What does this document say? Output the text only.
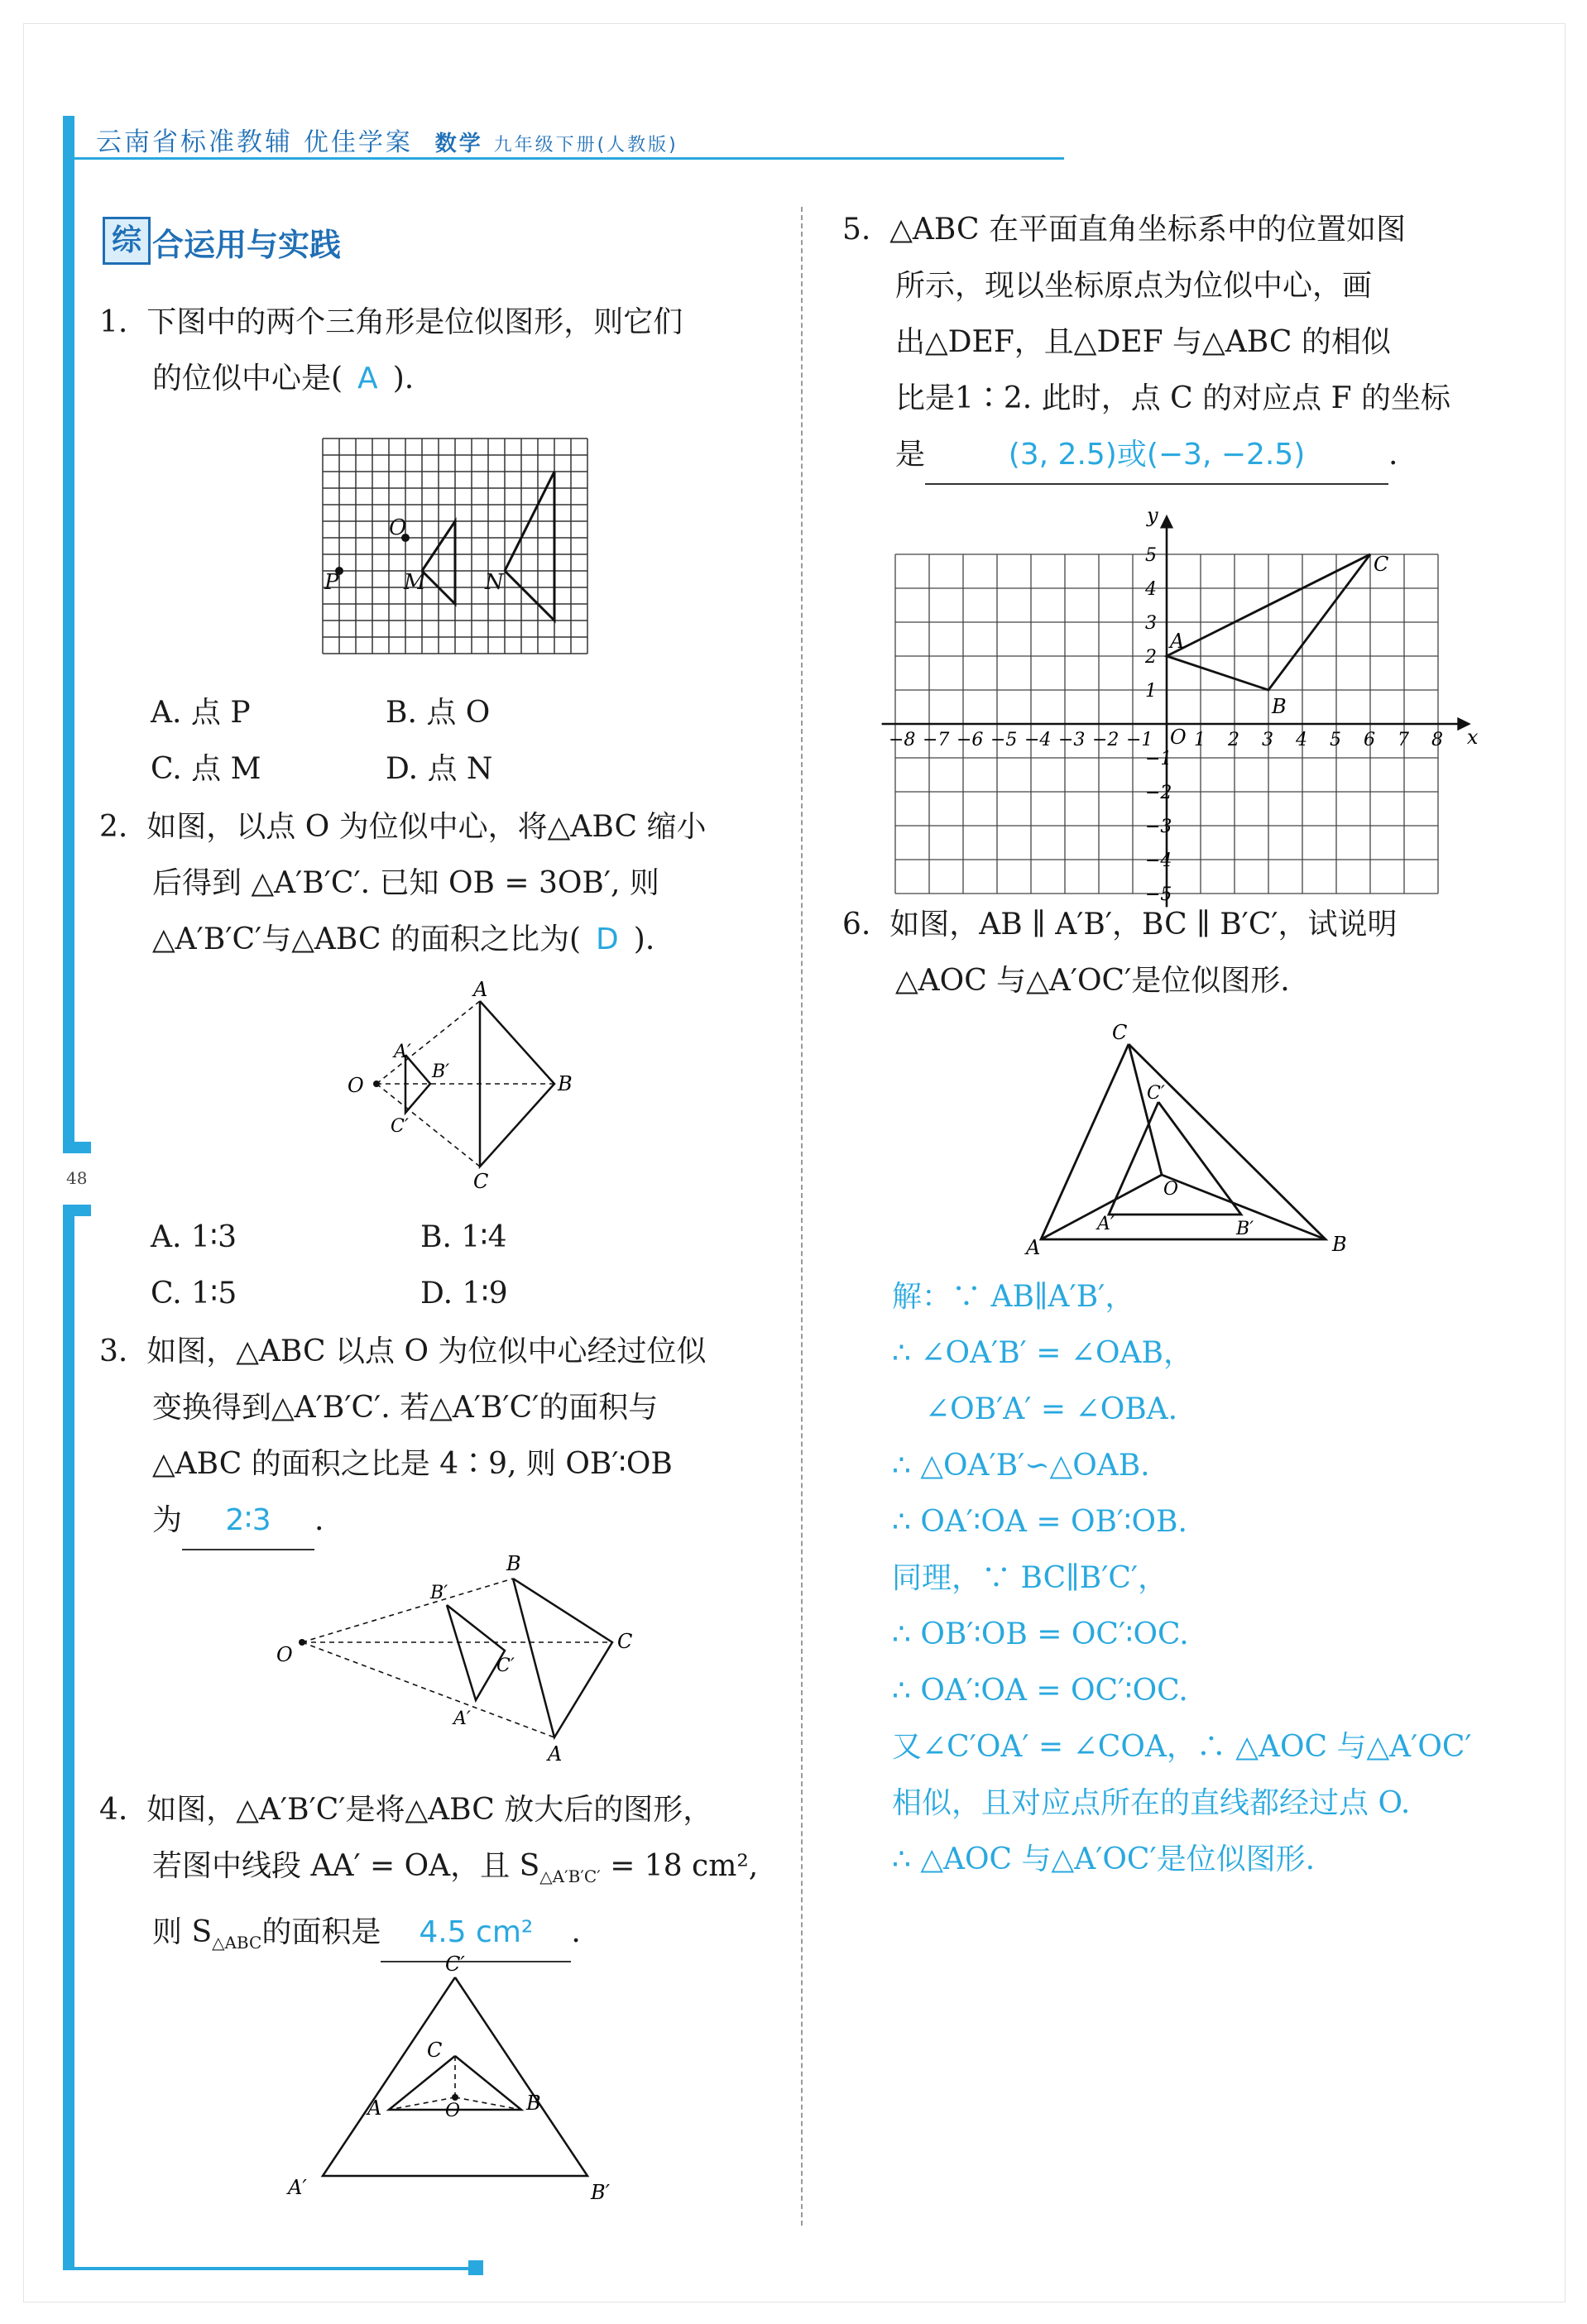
48
云南省标准教辅 优佳学案 数学 九年级下册(人教版)
综 合运用与实践
1. 下图中的两个三角形是位似图形，则它们
的位似中心是( A ).
O
P	M	N
A. 点 P	B. 点 O
C. 点 M	D. 点 N
2. 如图，以点 O 为位似中心，将△ABC 缩小
后得到 △A′B′C′. 已知 OB = 3OB′, 则
△A′B′C′与△ABC 的面积之比为( D ).
A
A′
B′
B
O
C′
C
A. 1∶3	B. 1∶4
C. 1∶5	D. 1∶9
3. 如图，△ABC 以点 O 为位似中心经过位似
变换得到△A′B′C′. 若△A′B′C′的面积与
△ABC 的面积之比是 4∶9, 则 OB′∶OB
为 2∶3 .
B
B′
C
C′
O
A′
A
4. 如图，△A′B′C′是将△ABC 放大后的图形，
若图中线段 AA′ = OA，且 $S_{\triangle A'B'C'} = 18$ cm²,
则 $S_{\triangle ABC}$的面积是 4.5 cm² .
C′
C
A	O	B
A′	B′
5. △ABC 在平面直角坐标系中的位置如图
所示，现以坐标原点为位似中心，画
出△DEF，且△DEF 与△ABC 的相似
比是1∶2. 此时，点 C 的对应点 F 的坐标
是	(3, 2.5)或(−3, −2.5)	.
−8 −7 −6 −5 −4 −3 −2 −1 1 2 3 4 5 6 7 8
5
4
3
2
1
−1
−2
−3
−4
−5
x
y
O
A
B
C
6. 如图，AB ∥ A′B′，BC ∥ B′C′，试说明
△AOC 与△A′OC′是位似图形.
C
C′
O
A′	B′
A	B
解：∵ AB∥A′B′，
∴ ∠OA′B′ = ∠OAB，
∠OB′A′ = ∠OBA.
∴ △OA′B′∽△OAB.
∴ OA′∶OA = OB′∶OB.
同理，∵ BC∥B′C′，
∴ OB′∶OB = OC′∶OC.
∴ OA′∶OA = OC′∶OC.
又∠C′OA′ = ∠COA，∴ △AOC 与△A′OC′
相似，且对应点所在的直线都经过点 O.
∴ △AOC 与△A′OC′是位似图形.
